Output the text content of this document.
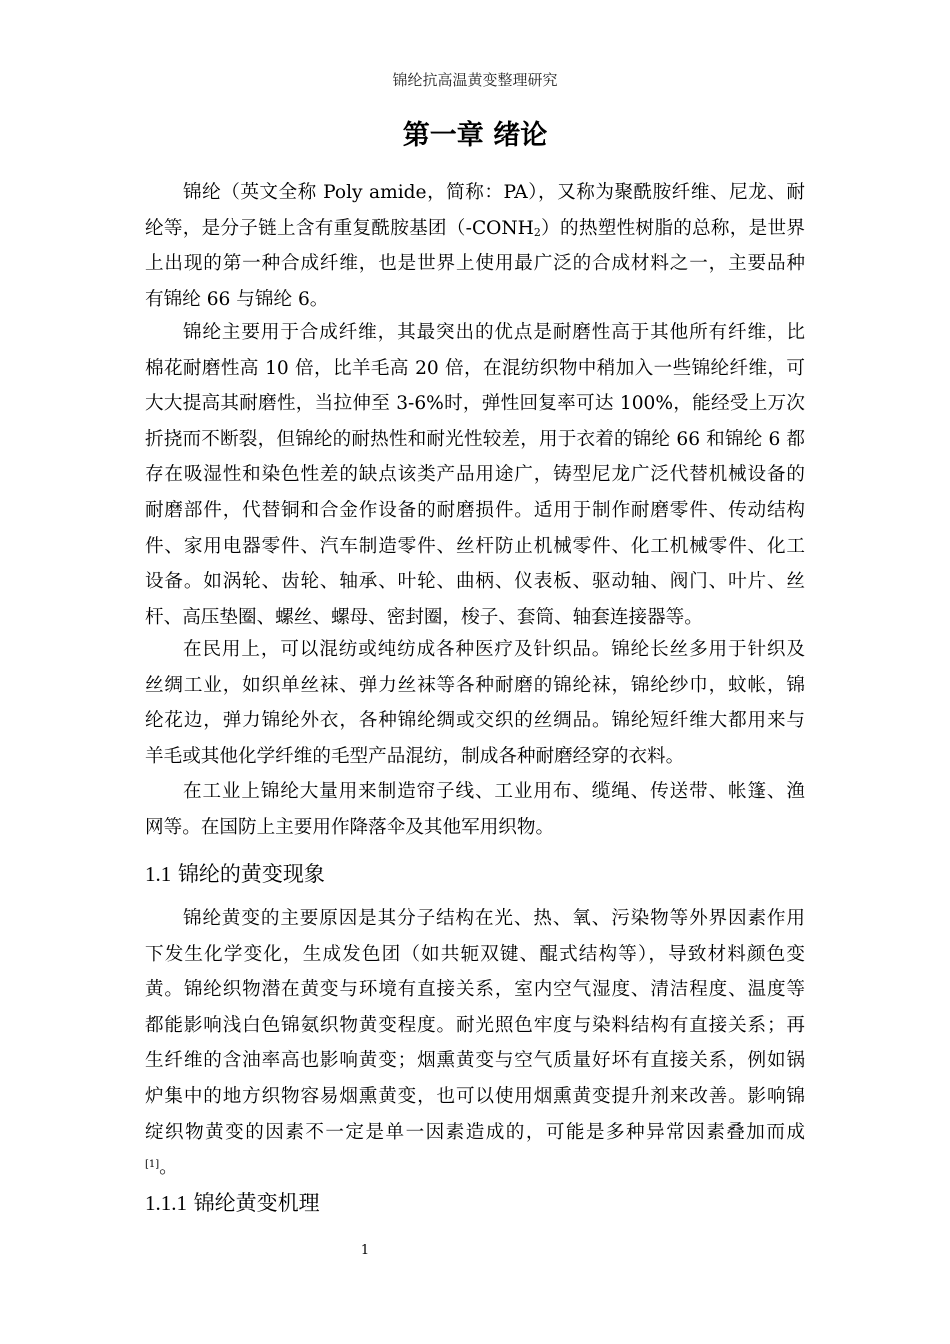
锦纶抗高温黄变整理研究
第一章 绪论
锦纶（英文全称 Poly amide，简称：PA），又称为聚酰胺纤维、尼龙、耐
纶等，是分子链上含有重复酰胺基团$(-CONH_2)$的热塑性树脂的总称，是世界
上出现的第一种合成纤维，也是世界上使用最广泛的合成材料之一，主要品种
有锦纶 66 与锦纶 6。
锦纶主要用于合成纤维，其最突出的优点是耐磨性高于其他所有纤维，比
棉花耐磨性高 10 倍，比羊毛高 20 倍，在混纺织物中稍加入一些锦纶纤维，可
大大提高其耐磨性，当拉伸至 3-6%时，弹性回复率可达 100%，能经受上万次
折挠而不断裂，但锦纶的耐热性和耐光性较差，用于衣着的锦纶 66 和锦纶 6 都
存在吸湿性和染色性差的缺点该类产品用途广，铸型尼龙广泛代替机械设备的
耐磨部件，代替铜和合金作设备的耐磨损件。适用于制作耐磨零件、传动结构
件、家用电器零件、汽车制造零件、丝杆防止机械零件、化工机械零件、化工
设备。如涡轮、齿轮、轴承、叶轮、曲柄、仪表板、驱动轴、阀门、叶片、丝
杆、高压垫圈、螺丝、螺母、密封圈，梭子、套筒、轴套连接器等。
在民用上，可以混纺或纯纺成各种医疗及针织品。锦纶长丝多用于针织及
丝绸工业，如织单丝袜、弹力丝袜等各种耐磨的锦纶袜，锦纶纱巾，蚊帐，锦
纶花边，弹力锦纶外衣，各种锦纶绸或交织的丝绸品。锦纶短纤维大都用来与
羊毛或其他化学纤维的毛型产品混纺，制成各种耐磨经穿的衣料。
在工业上锦纶大量用来制造帘子线、工业用布、缆绳、传送带、帐篷、渔
网等。在国防上主要用作降落伞及其他军用织物。
1.1 锦纶的黄变现象
锦纶黄变的主要原因是其分子结构在光、热、氧、污染物等外界因素作用
下发生化学变化，生成发色团（如共轭双键、醌式结构等），导致材料颜色变
黄。锦纶织物潜在黄变与环境有直接关系，室内空气湿度、清洁程度、温度等
都能影响浅白色锦氨织物黄变程度。耐光照色牢度与染料结构有直接关系；再
生纤维的含油率高也影响黄变；烟熏黄变与空气质量好坏有直接关系，例如锅
炉集中的地方织物容易烟熏黄变，也可以使用烟熏黄变提升剂来改善。影响锦
绽织物黄变的因素不一定是单一因素造成的，可能是多种异常因素叠加而成
[1]。
1.1.1 锦纶黄变机理
1
